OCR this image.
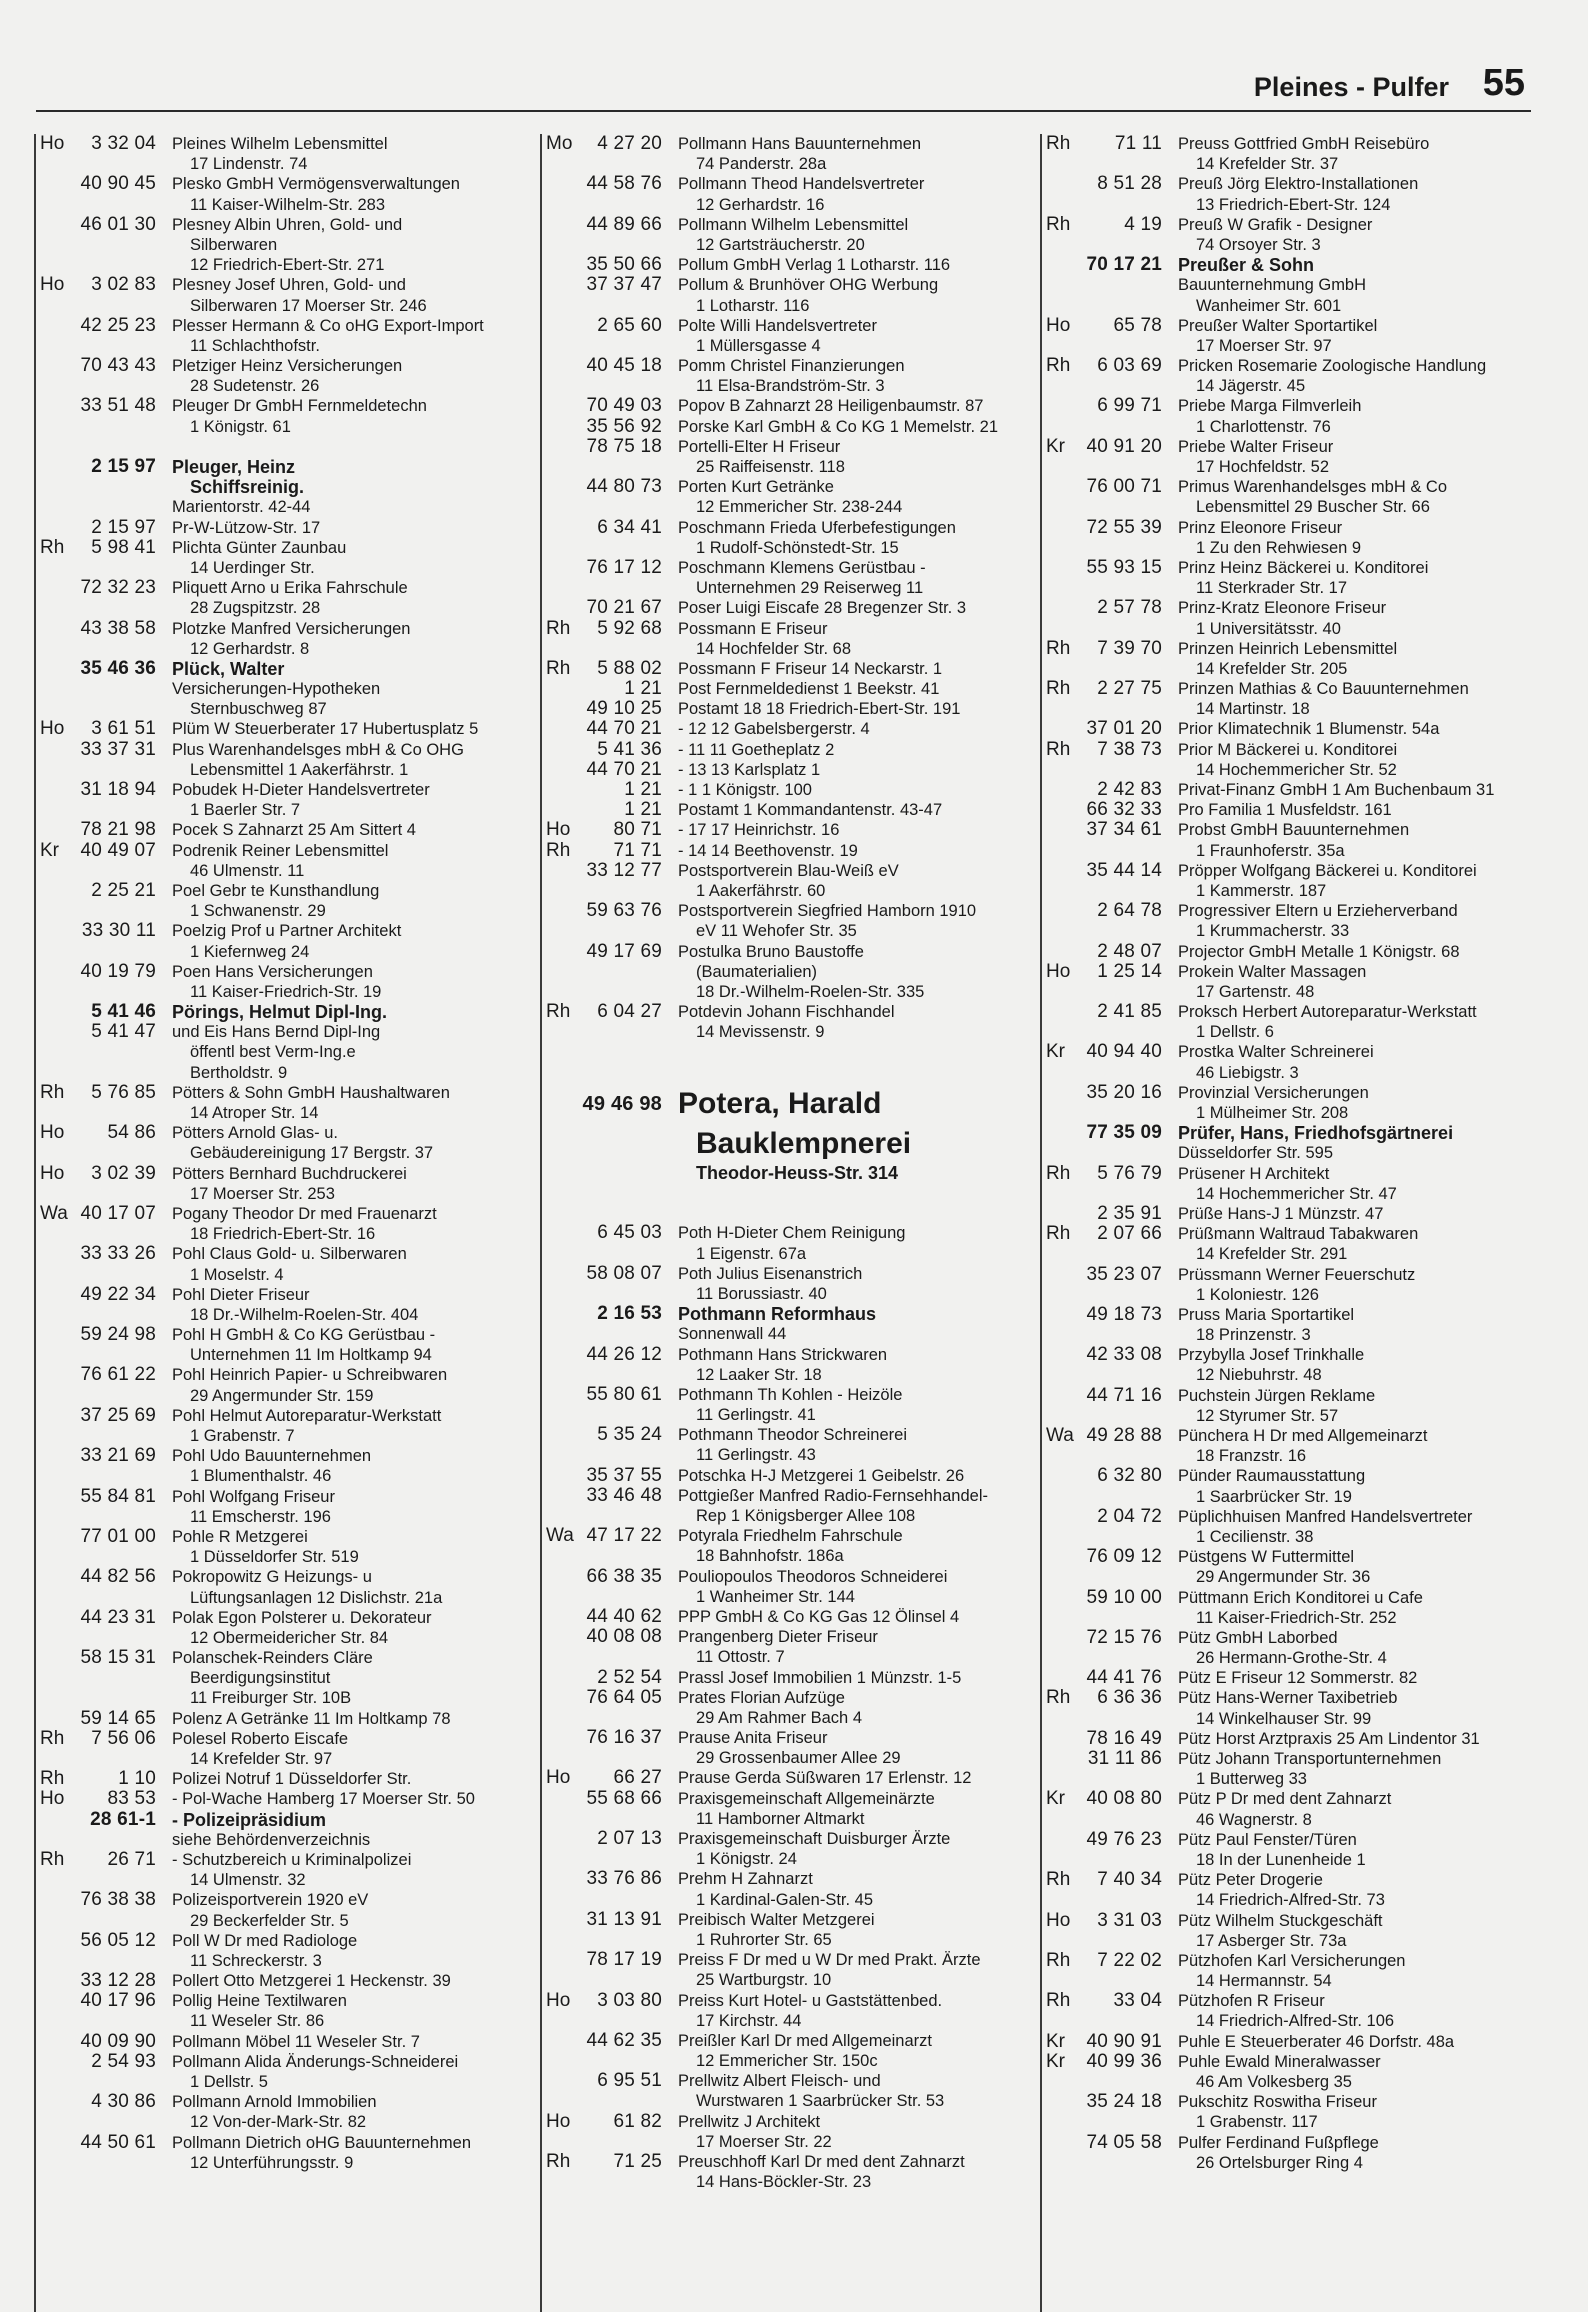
Pleines - Pulfer 55
Ho	3 32 04 Pleines Wilhelm Lebensmittel
17 Lindenstr. 74
40 90 45 Plesko GmbH Vermögensverwaltungen
11 Kaiser-Wilhelm-Str. 283
46 01 30 Plesney Albin Uhren, Gold- und
Silberwaren
12 Friedrich-Ebert-Str. 271
Ho	3 02 83 Plesney Josef Uhren, Gold- und
Silberwaren 17 Moerser Str. 246
42 25 23 Plesser Hermann & Co oHG Export-Import
11 Schlachthofstr.
70 43 43 Pletziger Heinz Versicherungen
28 Sudetenstr. 26
33 51 48 Pleuger Dr GmbH Fernmeldetechn
1 Königstr. 61
2 15 97 Pleuger, Heinz
Schiffsreinig.
Marientorstr. 42-44
2 15 97 Pr-W-Lützow-Str. 17
Rh	5 98 41 Plichta Günter Zaunbau
14 Uerdinger Str.
72 32 23 Pliquett Arno u Erika Fahrschule
28 Zugspitzstr. 28
43 38 58 Plotzke Manfred Versicherungen
12 Gerhardstr. 8
35 46 36 Plück, Walter
Versicherungen-Hypotheken
Sternbuschweg 87
Ho	3 61 51 Plüm W Steuerberater 17 Hubertusplatz 5
33 37 31 Plus Warenhandelsges mbH & Co OHG
Lebensmittel 1 Aakerfährstr. 1
31 18 94 Pobudek H-Dieter Handelsvertreter
1 Baerler Str. 7
78 21 98 Pocek S Zahnarzt 25 Am Sittert 4
Kr	40 49 07 Podrenik Reiner Lebensmittel
46 Ulmenstr. 11
2 25 21 Poel Gebr te Kunsthandlung
1 Schwanenstr. 29
33 30 11 Poelzig Prof u Partner Architekt
1 Kiefernweg 24
40 19 79 Poen Hans Versicherungen
11 Kaiser-Friedrich-Str. 19
5 41 46 Pörings, Helmut Dipl-Ing.
5 41 47 und Eis Hans Bernd Dipl-Ing
öffentl best Verm-Ing.e
Bertholdstr. 9
Rh	5 76 85 Pötters & Sohn GmbH Haushaltwaren
14 Atroper Str. 14
Ho	54 86 Pötters Arnold Glas- u.
Gebäudereinigung 17 Bergstr. 37
Ho	3 02 39 Pötters Bernhard Buchdruckerei
17 Moerser Str. 253
Wa 40 17 07 Pogany Theodor Dr med Frauenarzt
18 Friedrich-Ebert-Str. 16
33 33 26 Pohl Claus Gold- u. Silberwaren
1 Moselstr. 4
49 22 34 Pohl Dieter Friseur
18 Dr.-Wilhelm-Roelen-Str. 404
59 24 98 Pohl H GmbH & Co KG Gerüstbau -
Unternehmen 11 Im Holtkamp 94
76 61 22 Pohl Heinrich Papier- u Schreibwaren
29 Angermunder Str. 159
37 25 69 Pohl Helmut Autoreparatur-Werkstatt
1 Grabenstr. 7
33 21 69 Pohl Udo Bauunternehmen
1 Blumenthalstr. 46
55 84 81 Pohl Wolfgang Friseur
11 Emscherstr. 196
77 01 00 Pohle R Metzgerei
1 Düsseldorfer Str. 519
44 82 56 Pokropowitz G Heizungs- u
Lüftungsanlagen 12 Dislichstr. 21a
44 23 31 Polak Egon Polsterer u. Dekorateur
12 Obermeidericher Str. 84
58 15 31 Polanschek-Reinders Cläre
Beerdigungsinstitut
11 Freiburger Str. 10B
59 14 65 Polenz A Getränke 11 Im Holtkamp 78
Rh	7 56 06 Polesel Roberto Eiscafe
14 Krefelder Str. 97
Rh	1 10 Polizei Notruf 1 Düsseldorfer Str.
Ho	83 53 - Pol-Wache Hamberg 17 Moerser Str. 50
28 61-1 - Polizeipräsidium
siehe Behördenverzeichnis
Rh	26 71 - Schutzbereich u Kriminalpolizei
14 Ulmenstr. 32
76 38 38 Polizeisportverein 1920 eV
29 Beckerfelder Str. 5
56 05 12 Poll W Dr med Radiologe
11 Schreckerstr. 3
33 12 28 Pollert Otto Metzgerei 1 Heckenstr. 39
40 17 96 Pollig Heine Textilwaren
11 Weseler Str. 86
40 09 90 Pollmann Möbel 11 Weseler Str. 7
2 54 93 Pollmann Alida Änderungs-Schneiderei
1 Dellstr. 5
4 30 86 Pollmann Arnold Immobilien
12 Von-der-Mark-Str. 82
44 50 61 Pollmann Dietrich oHG Bauunternehmen
12 Unterführungsstr. 9
Mo	4 27 20 Pollmann Hans Bauunternehmen
74 Panderstr. 28a
44 58 76 Pollmann Theod Handelsvertreter
12 Gerhardstr. 16
44 89 66 Pollmann Wilhelm Lebensmittel
12 Gartsträucherstr. 20
35 50 66 Pollum GmbH Verlag 1 Lotharstr. 116
37 37 47 Pollum & Brunhöver OHG Werbung
1 Lotharstr. 116
2 65 60 Polte Willi Handelsvertreter
1 Müllersgasse 4
40 45 18 Pomm Christel Finanzierungen
11 Elsa-Brandström-Str. 3
70 49 03 Popov B Zahnarzt 28 Heiligenbaumstr. 87
35 56 92 Porske Karl GmbH & Co KG 1 Memelstr. 21
78 75 18 Portelli-Elter H Friseur
25 Raiffeisenstr. 118
44 80 73 Porten Kurt Getränke
12 Emmericher Str. 238-244
6 34 41 Poschmann Frieda Uferbefestigungen
1 Rudolf-Schönstedt-Str. 15
76 17 12 Poschmann Klemens Gerüstbau -
Unternehmen 29 Reiserweg 11
70 21 67 Poser Luigi Eiscafe 28 Bregenzer Str. 3
Rh	5 92 68 Possmann E Friseur
14 Hochfelder Str. 68
Rh	5 88 02 Possmann F Friseur 14 Neckarstr. 1
1 21 Post Fernmeldedienst 1 Beekstr. 41
49 10 25 Postamt 18 18 Friedrich-Ebert-Str. 191
44 70 21 - 12 12 Gabelsbergerstr. 4
5 41 36 - 11 11 Goetheplatz 2
44 70 21 - 13 13 Karlsplatz 1
1 21 - 1 1 Königstr. 100
1 21 Postamt 1 Kommandantenstr. 43-47
Ho	80 71 - 17 17 Heinrichstr. 16
Rh	71 71 - 14 14 Beethovenstr. 19
33 12 77 Postsportverein Blau-Weiß eV
1 Aakerfährstr. 60
59 63 76 Postsportverein Siegfried Hamborn 1910
eV 11 Wehofer Str. 35
49 17 69 Postulka Bruno Baustoffe
(Baumaterialien)
18 Dr.-Wilhelm-Roelen-Str. 335
Rh	6 04 27 Potdevin Johann Fischhandel
14 Mevissenstr. 9
49 46 98 Potera, Harald
Bauklempnerei
Theodor-Heuss-Str. 314
6 45 03 Poth H-Dieter Chem Reinigung
1 Eigenstr. 67a
58 08 07 Poth Julius Eisenanstrich
11 Borussiastr. 40
2 16 53 Pothmann Reformhaus
Sonnenwall 44
44 26 12 Pothmann Hans Strickwaren
12 Laaker Str. 18
55 80 61 Pothmann Th Kohlen - Heizöle
11 Gerlingstr. 41
5 35 24 Pothmann Theodor Schreinerei
11 Gerlingstr. 43
35 37 55 Potschka H-J Metzgerei 1 Geibelstr. 26
33 46 48 Pottgießer Manfred Radio-Fernsehhandel-
Rep 1 Königsberger Allee 108
Wa 47 17 22 Potyrala Friedhelm Fahrschule
18 Bahnhofstr. 186a
66 38 35 Pouliopoulos Theodoros Schneiderei
1 Wanheimer Str. 144
44 40 62 PPP GmbH & Co KG Gas 12 Ölinsel 4
40 08 08 Prangenberg Dieter Friseur
11 Ottostr. 7
2 52 54 Prassl Josef Immobilien 1 Münzstr. 1-5
76 64 05 Prates Florian Aufzüge
29 Am Rahmer Bach 4
76 16 37 Prause Anita Friseur
29 Grossenbaumer Allee 29
Ho	66 27 Prause Gerda Süßwaren 17 Erlenstr. 12
55 68 66 Praxisgemeinschaft Allgemeinärzte
11 Hamborner Altmarkt
2 07 13 Praxisgemeinschaft Duisburger Ärzte
1 Königstr. 24
33 76 86 Prehm H Zahnarzt
1 Kardinal-Galen-Str. 45
31 13 91 Preibisch Walter Metzgerei
1 Ruhrorter Str. 65
78 17 19 Preiss F Dr med u W Dr med Prakt. Ärzte
25 Wartburgstr. 10
Ho	3 03 80 Preiss Kurt Hotel- u Gaststättenbed.
17 Kirchstr. 44
44 62 35 Preißler Karl Dr med Allgemeinarzt
12 Emmericher Str. 150c
6 95 51 Prellwitz Albert Fleisch- und
Wurstwaren 1 Saarbrücker Str. 53
Ho	61 82 Prellwitz J Architekt
17 Moerser Str. 22
Rh	71 25 Preuschhoff Karl Dr med dent Zahnarzt
14 Hans-Böckler-Str. 23
Rh	71 11 Preuss Gottfried GmbH Reisebüro
14 Krefelder Str. 37
8 51 28 Preuß Jörg Elektro-Installationen
13 Friedrich-Ebert-Str. 124
Rh	4 19 Preuß W Grafik - Designer
74 Orsoyer Str. 3
70 17 21 Preußer & Sohn
Bauunternehmung GmbH
Wanheimer Str. 601
Ho	65 78 Preußer Walter Sportartikel
17 Moerser Str. 97
Rh	6 03 69 Pricken Rosemarie Zoologische Handlung
14 Jägerstr. 45
6 99 71 Priebe Marga Filmverleih
1 Charlottenstr. 76
Kr	40 91 20 Priebe Walter Friseur
17 Hochfeldstr. 52
76 00 71 Primus Warenhandelsges mbH & Co
Lebensmittel 29 Buscher Str. 66
72 55 39 Prinz Eleonore Friseur
1 Zu den Rehwiesen 9
55 93 15 Prinz Heinz Bäckerei u. Konditorei
11 Sterkrader Str. 17
2 57 78 Prinz-Kratz Eleonore Friseur
1 Universitätsstr. 40
Rh	7 39 70 Prinzen Heinrich Lebensmittel
14 Krefelder Str. 205
Rh	2 27 75 Prinzen Mathias & Co Bauunternehmen
14 Martinstr. 18
37 01 20 Prior Klimatechnik 1 Blumenstr. 54a
Rh	7 38 73 Prior M Bäckerei u. Konditorei
14 Hochemmericher Str. 52
2 42 83 Privat-Finanz GmbH 1 Am Buchenbaum 31
66 32 33 Pro Familia 1 Musfeldstr. 161
37 34 61 Probst GmbH Bauunternehmen
1 Fraunhoferstr. 35a
35 44 14 Pröpper Wolfgang Bäckerei u. Konditorei
1 Kammerstr. 187
2 64 78 Progressiver Eltern u Erzieherverband
1 Krummacherstr. 33
2 48 07 Projector GmbH Metalle 1 Königstr. 68
Ho	1 25 14 Prokein Walter Massagen
17 Gartenstr. 48
2 41 85 Proksch Herbert Autoreparatur-Werkstatt
1 Dellstr. 6
Kr	40 94 40 Prostka Walter Schreinerei
46 Liebigstr. 3
35 20 16 Provinzial Versicherungen
1 Mülheimer Str. 208
77 35 09 Prüfer, Hans, Friedhofsgärtnerei
Düsseldorfer Str. 595
Rh	5 76 79 Prüsener H Architekt
14 Hochemmericher Str. 47
2 35 91 Prüße Hans-J 1 Münzstr. 47
Rh	2 07 66 Prüßmann Waltraud Tabakwaren
14 Krefelder Str. 291
35 23 07 Prüssmann Werner Feuerschutz
1 Koloniestr. 126
49 18 73 Pruss Maria Sportartikel
18 Prinzenstr. 3
42 33 08 Przybylla Josef Trinkhalle
12 Niebuhrstr. 48
44 71 16 Puchstein Jürgen Reklame
12 Styrumer Str. 57
Wa 49 28 88 Pünchera H Dr med Allgemeinarzt
18 Franzstr. 16
6 32 80 Pünder Raumausstattung
1 Saarbrücker Str. 19
2 04 72 Püplichhuisen Manfred Handelsvertreter
1 Cecilienstr. 38
76 09 12 Püstgens W Futtermittel
29 Angermunder Str. 36
59 10 00 Püttmann Erich Konditorei u Cafe
11 Kaiser-Friedrich-Str. 252
72 15 76 Pütz GmbH Laborbed
26 Hermann-Grothe-Str. 4
44 41 76 Pütz E Friseur 12 Sommerstr. 82
Rh	6 36 36 Pütz Hans-Werner Taxibetrieb
14 Winkelhauser Str. 99
78 16 49 Pütz Horst Arztpraxis 25 Am Lindentor 31
31 11 86 Pütz Johann Transportunternehmen
1 Butterweg 33
Kr	40 08 80 Pütz P Dr med dent Zahnarzt
46 Wagnerstr. 8
49 76 23 Pütz Paul Fenster/Türen
18 In der Lunenheide 1
Rh	7 40 34 Pütz Peter Drogerie
14 Friedrich-Alfred-Str. 73
Ho	3 31 03 Pütz Wilhelm Stuckgeschäft
17 Asberger Str. 73a
Rh	7 22 02 Pützhofen Karl Versicherungen
14 Hermannstr. 54
Rh	33 04 Pützhofen R Friseur
14 Friedrich-Alfred-Str. 106
Kr	40 90 91 Puhle E Steuerberater 46 Dorfstr. 48a
Kr	40 99 36 Puhle Ewald Mineralwasser
46 Am Volkesberg 35
35 24 18 Pukschitz Roswitha Friseur
1 Grabenstr. 117
74 05 58 Pulfer Ferdinand Fußpflege
26 Ortelsburger Ring 4
